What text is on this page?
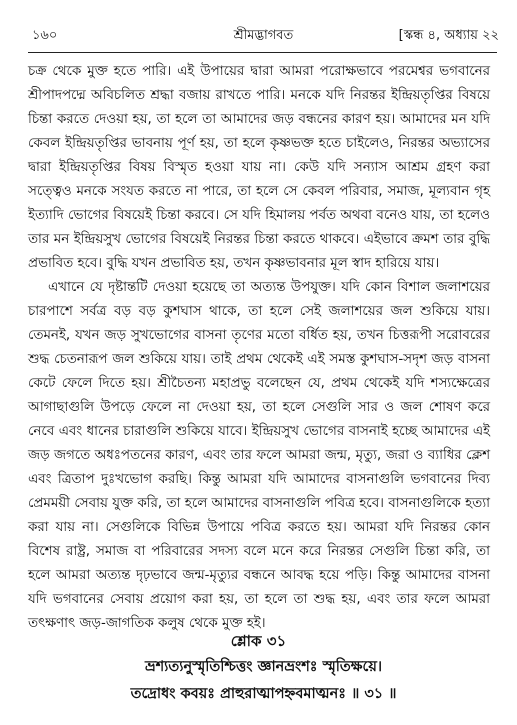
১৬০	শ্রীমদ্ভাগবত	[স্কন্ধ ৪, অধ্যায় ২২

চক্র থেকে মুক্ত হতে পারি। এই উপায়ের দ্বারা আমরা পরোক্ষভাবে পরমেশ্বর ভগবানের শ্রীপাদপদ্মে অবিচলিত শ্রদ্ধা বজায় রাখতে পারি। মনকে যদি নিরন্তর ইন্দ্রিয়তৃপ্তির বিষয়ে চিন্তা করতে দেওয়া হয়, তা হলে তা আমাদের জড় বন্ধনের কারণ হয়। আমাদের মন যদি কেবল ইন্দ্রিয়তৃপ্তির ভাবনায় পূর্ণ হয়, তা হলে কৃষ্ণভক্ত হতে চাইলেও, নিরন্তর অভ্যাসের দ্বারা ইন্দ্রিয়তৃপ্তির বিষয় বিস্মৃত হওয়া যায় না। কেউ যদি সন্যাস আশ্রম গ্রহণ করা সত্ত্বেও মনকে সংযত করতে না পারে, তা হলে সে কেবল পরিবার, সমাজ, মূল্যবান গৃহ ইত্যাদি ভোগের বিষয়েই চিন্তা করবে। সে যদি হিমালয় পর্বত অথবা বনেও যায়, তা হলেও তার মন ইন্দ্রিয়সুখ ভোগের বিষয়েই নিরন্তর চিন্তা করতে থাকবে। এইভাবে ক্রমশ তার বুদ্ধি প্রভাবিত হবে। বুদ্ধি যখন প্রভাবিত হয়, তখন কৃষ্ণভাবনার মূল স্বাদ হারিয়ে যায়।

এখানে যে দৃষ্টান্তটি দেওয়া হয়েছে তা অত্যন্ত উপযুক্ত। যদি কোন বিশাল জলাশয়ের চারপাশে সর্বত্র বড় বড় কুশঘাস থাকে, তা হলে সেই জলাশয়ের জল শুকিয়ে যায়। তেমনই, যখন জড় সুখভোগের বাসনা তৃণের মতো বর্ধিত হয়, তখন চিত্তরূপী সরোবরের শুদ্ধ চেতনারূপ জল শুকিয়ে যায়। তাই প্রথম থেকেই এই সমস্ত কুশঘাস-সদৃশ জড় বাসনা কেটে ফেলে দিতে হয়। শ্রীচৈতন্য মহাপ্রভু বলেছেন যে, প্রথম থেকেই যদি শস্যক্ষেত্রের আগাছাগুলি উপড়ে ফেলে না দেওয়া হয়, তা হলে সেগুলি সার ও জল শোষণ করে নেবে এবং ধানের চারাগুলি শুকিয়ে যাবে। ইন্দ্রিয়সুখ ভোগের বাসনাই হচ্ছে আমাদের এই জড় জগতে অধঃপতনের কারণ, এবং তার ফলে আমরা জন্ম, মৃত্যু, জরা ও ব্যাধির ক্লেশ এবং ত্রিতাপ দুঃখভোগ করছি। কিন্তু আমরা যদি আমাদের বাসনাগুলি ভগবানের দিব্য প্রেমময়ী সেবায় যুক্ত করি, তা হলে আমাদের বাসনাগুলি পবিত্র হবে। বাসনাগুলিকে হত্যা করা যায় না। সেগুলিকে বিভিন্ন উপায়ে পবিত্র করতে হয়। আমরা যদি নিরন্তর কোন বিশেষ রাষ্ট্র, সমাজ বা পরিবারের সদস্য বলে মনে করে নিরন্তর সেগুলি চিন্তা করি, তা হলে আমরা অত্যন্ত দৃঢ়ভাবে জন্ম-মৃত্যুর বন্ধনে আবদ্ধ হয়ে পড়ি। কিন্তু আমাদের বাসনা যদি ভগবানের সেবায় প্রয়োগ করা হয়, তা হলে তা শুদ্ধ হয়, এবং তার ফলে আমরা তৎক্ষণাৎ জড়-জাগতিক কলুষ থেকে মুক্ত হই।

শ্লোক ৩১
ভ্রশ্যত্যনুস্মৃতিশ্চিত্তং জ্ঞানভ্রংশঃ স্মৃতিক্ষয়ে।
তদ্রোধং কবয়ঃ প্রাহুরাত্মাপহ্নবমাত্মনঃ ॥ ৩১ ॥
